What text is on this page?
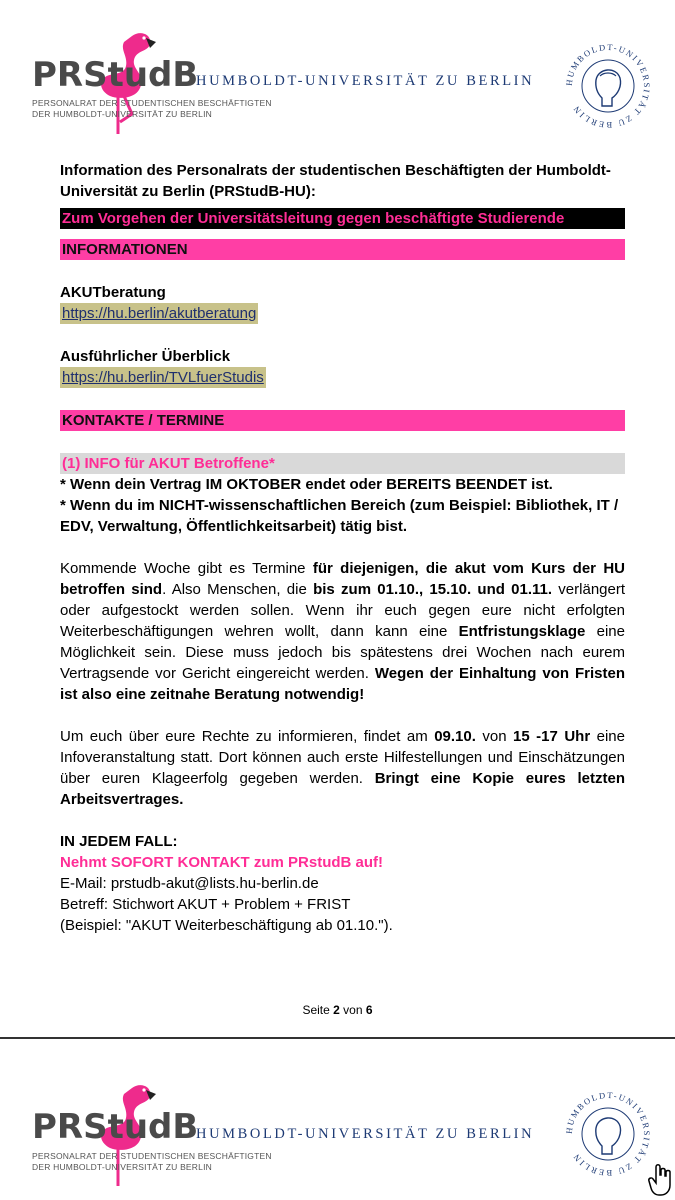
PRStudB
PERSONALRAT DER STUDENTISCHEN BESCHÄFTIGTEN
DER HUMBOLDT-UNIVERSITÄT ZU BERLIN
HUMBOLDT-UNIVERSITÄT ZU BERLIN	HUMBOLDT-UNIVERSITÄT ZU BERLIN

Information des Personalrats der studentischen Beschäftigten der Humboldt-Universität zu Berlin (PRStudB-HU):

Zum Vorgehen der Universitätsleitung gegen beschäftigte Studierende
INFORMATIONEN
AKUTberatung
https://hu.berlin/akutberatung
Ausführlicher Überblick
https://hu.berlin/TVLfuerStudis
KONTAKTE / TERMINE
(1) INFO für AKUT Betroffene*

* Wenn dein Vertrag IM OKTOBER endet oder BEREITS BEENDET ist.

* Wenn du im NICHT-wissenschaftlichen Bereich (zum Beispiel: Bibliothek, IT / EDV, Verwaltung, Öffentlichkeitsarbeit) tätig bist.

Kommende Woche gibt es Termine für diejenigen, die akut vom Kurs der HU betroffen sind. Also Menschen, die bis zum 01.10., 15.10. und 01.11. verlängert oder aufgestockt werden sollen. Wenn ihr euch gegen eure nicht erfolgten Weiterbeschäftigungen wehren wollt, dann kann eine Entfristungsklage eine Möglichkeit sein. Diese muss jedoch bis spätestens drei Wochen nach eurem Vertragsende vor Gericht eingereicht werden. Wegen der Einhaltung von Fristen ist also eine zeitnahe Beratung notwendig!

Um euch über eure Rechte zu informieren, findet am 09.10. von 15 -17 Uhr eine Infoveranstaltung statt. Dort können auch erste Hilfestellungen und Einschätzungen über euren Klageerfolg gegeben werden. Bringt eine Kopie eures letzten Arbeitsvertrages.

IN JEDEM FALL:

Nehmt SOFORT KONTAKT zum PRstudB auf!

E-Mail: prstudb-akut@lists.hu-berlin.de

Betreff: Stichwort AKUT + Problem + FRIST

(Beispiel: "AKUT Weiterbeschäftigung ab 01.10.").

Seite 2 von 6
PRStudB
PERSONALRAT DER STUDENTISCHEN BESCHÄFTIGTEN
DER HUMBOLDT-UNIVERSITÄT ZU BERLIN
HUMBOLDT-UNIVERSITÄT ZU BERLIN	HUMBOLDT-UNIVERSITÄT ZU BERLIN
